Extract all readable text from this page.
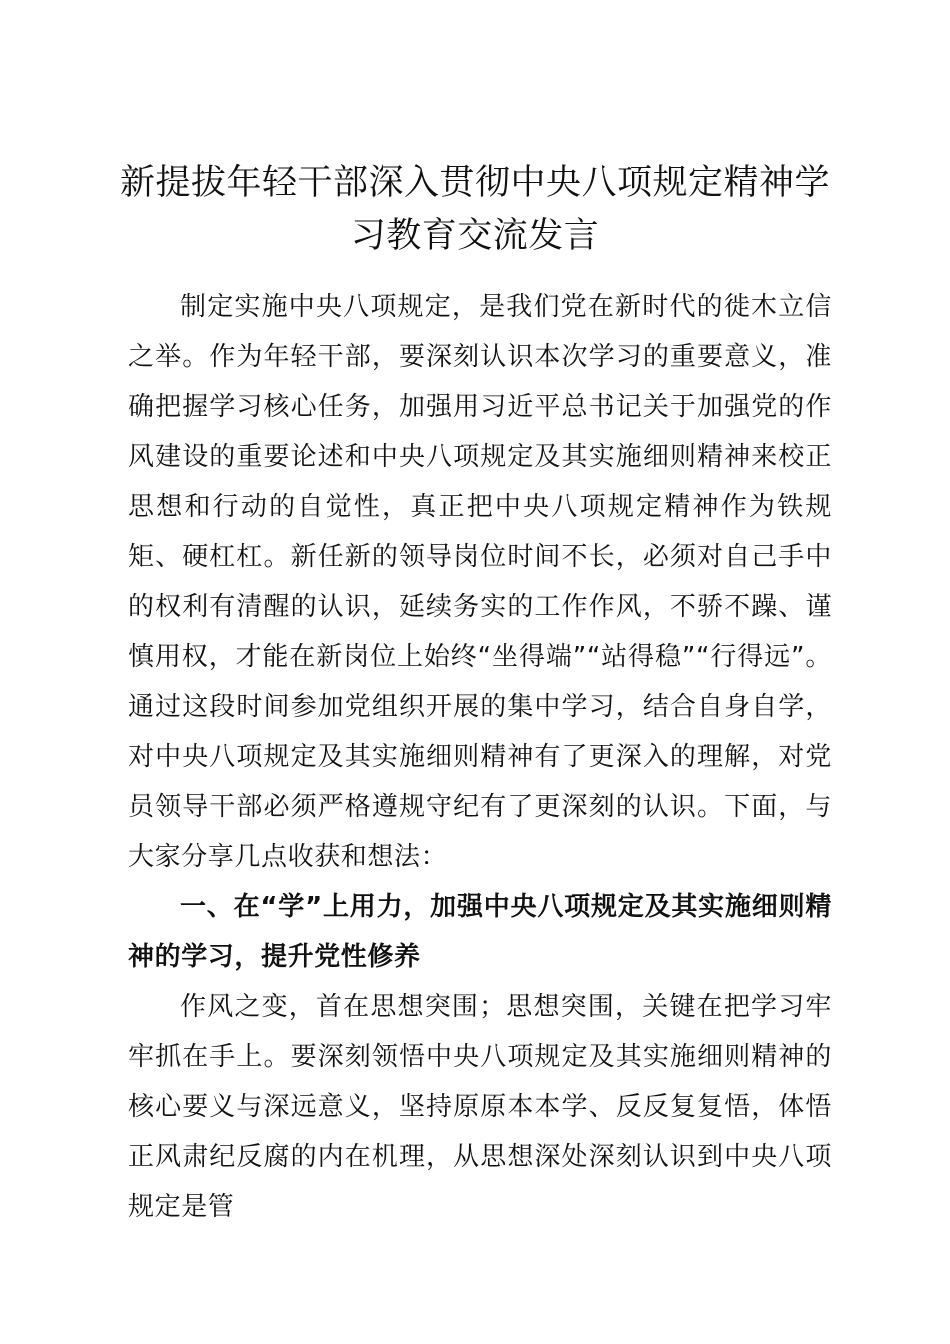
新提拔年轻干部深入贯彻中央八项规定精神学习教育交流发言

制定实施中央八项规定，是我们党在新时代的徙木立信之举。作为年轻干部，要深刻认识本次学习的重要意义，准确把握学习核心任务，加强用习近平总书记关于加强党的作风建设的重要论述和中央八项规定及其实施细则精神来校正思想和行动的自觉性，真正把中央八项规定精神作为铁规矩、硬杠杠。新任新的领导岗位时间不长，必须对自己手中的权利有清醒的认识，延续务实的工作作风，不骄不躁、谨慎用权，才能在新岗位上始终“坐得端”“站得稳”“行得远”。通过这段时间参加党组织开展的集中学习，结合自身自学，对中央八项规定及其实施细则精神有了更深入的理解，对党员领导干部必须严格遵规守纪有了更深刻的认识。下面，与大家分享几点收获和想法：

一、在“学”上用力，加强中央八项规定及其实施细则精神的学习，提升党性修养

作风之变，首在思想突围；思想突围，关键在把学习牢牢抓在手上。要深刻领悟中央八项规定及其实施细则精神的核心要义与深远意义，坚持原原本本学、反反复复悟，体悟正风肃纪反腐的内在机理，从思想深处深刻认识到中央八项规定是管
